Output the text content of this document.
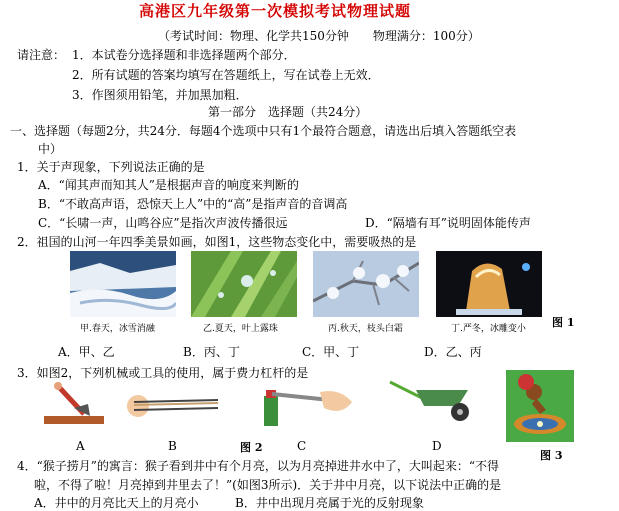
高港区九年级第一次模拟考试物理试题
（考试时间：物理、化学共150分钟　　物理满分：100分）
请注意： 1．本试卷分选择题和非选择题两个部分．
2．所有试题的答案均填写在答题纸上，写在试卷上无效．
3．作图须用铅笔，并加黑加粗．
第一部分　选择题（共24分）
一、选择题（每题2分，共24分．每题4个选项中只有1个最符合题意，请选出后填入答题纸空表
中）
1．关于声现象，下列说法正确的是
A．“闻其声而知其人”是根据声音的响度来判断的
B．“不敢高声语，恐惊天上人”中的“高”是指声音的音调高
C．“长啸一声，山鸣谷应”是指次声波传播很远	D．“隔墙有耳”说明固体能传声
2．祖国的山河一年四季美景如画，如图1，这些物态变化中，需要吸热的是
甲.春天，冰雪消融	乙.夏天，叶上露珠	丙.秋天，枝头白霜	丁.严冬，冰雕变小 图 1
A．甲、乙	B．丙、丁	C．甲、丁	D．乙、丙
3．如图2，下列机械或工具的使用，属于费力杠杆的是
A	B	图 2	C	D
图 3
4．“猴子捞月”的寓言：猴子看到井中有个月亮，以为月亮掉进井水中了，大叫起来：“不得
啦，不得了啦！月亮掉到井里去了！”(如图3所示)．关于井中月亮，以下说法中正确的是
A．井中的月亮比天上的月亮小	B．井中出现月亮属于光的反射现象
